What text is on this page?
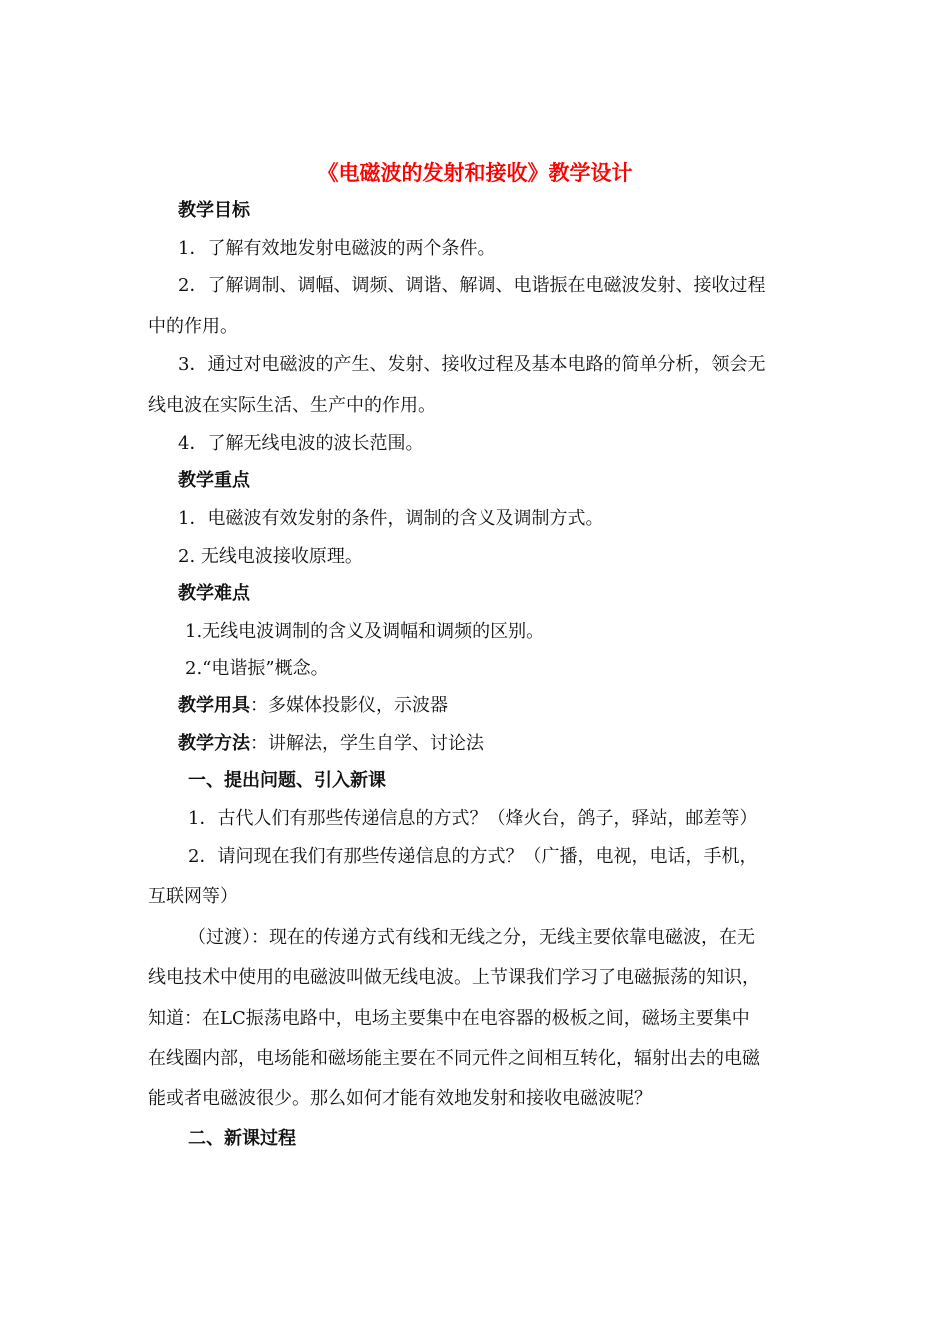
《电磁波的发射和接收》教学设计
教学目标
1．了解有效地发射电磁波的两个条件。
2．了解调制、调幅、调频、调谐、解调、电谐振在电磁波发射、接收过程
中的作用。
3．通过对电磁波的产生、发射、接收过程及基本电路的简单分析，领会无
线电波在实际生活、生产中的作用。
4．了解无线电波的波长范围。
教学重点
1．电磁波有效发射的条件，调制的含义及调制方式。
2. 无线电波接收原理。
教学难点
1.无线电波调制的含义及调幅和调频的区别。
2.“电谐振”概念。
教学用具：多媒体投影仪，示波器
教学方法：讲解法，学生自学、讨论法
一、提出问题、引入新课
1．古代人们有那些传递信息的方式？（烽火台，鸽子，驿站，邮差等）
2．请问现在我们有那些传递信息的方式？（广播，电视，电话，手机，
互联网等）
（过渡）：现在的传递方式有线和无线之分，无线主要依靠电磁波，在无
线电技术中使用的电磁波叫做无线电波。上节课我们学习了电磁振荡的知识，
知道：在LC振荡电路中，电场主要集中在电容器的极板之间，磁场主要集中
在线圈内部，电场能和磁场能主要在不同元件之间相互转化，辐射出去的电磁
能或者电磁波很少。那么如何才能有效地发射和接收电磁波呢？
二、新课过程
